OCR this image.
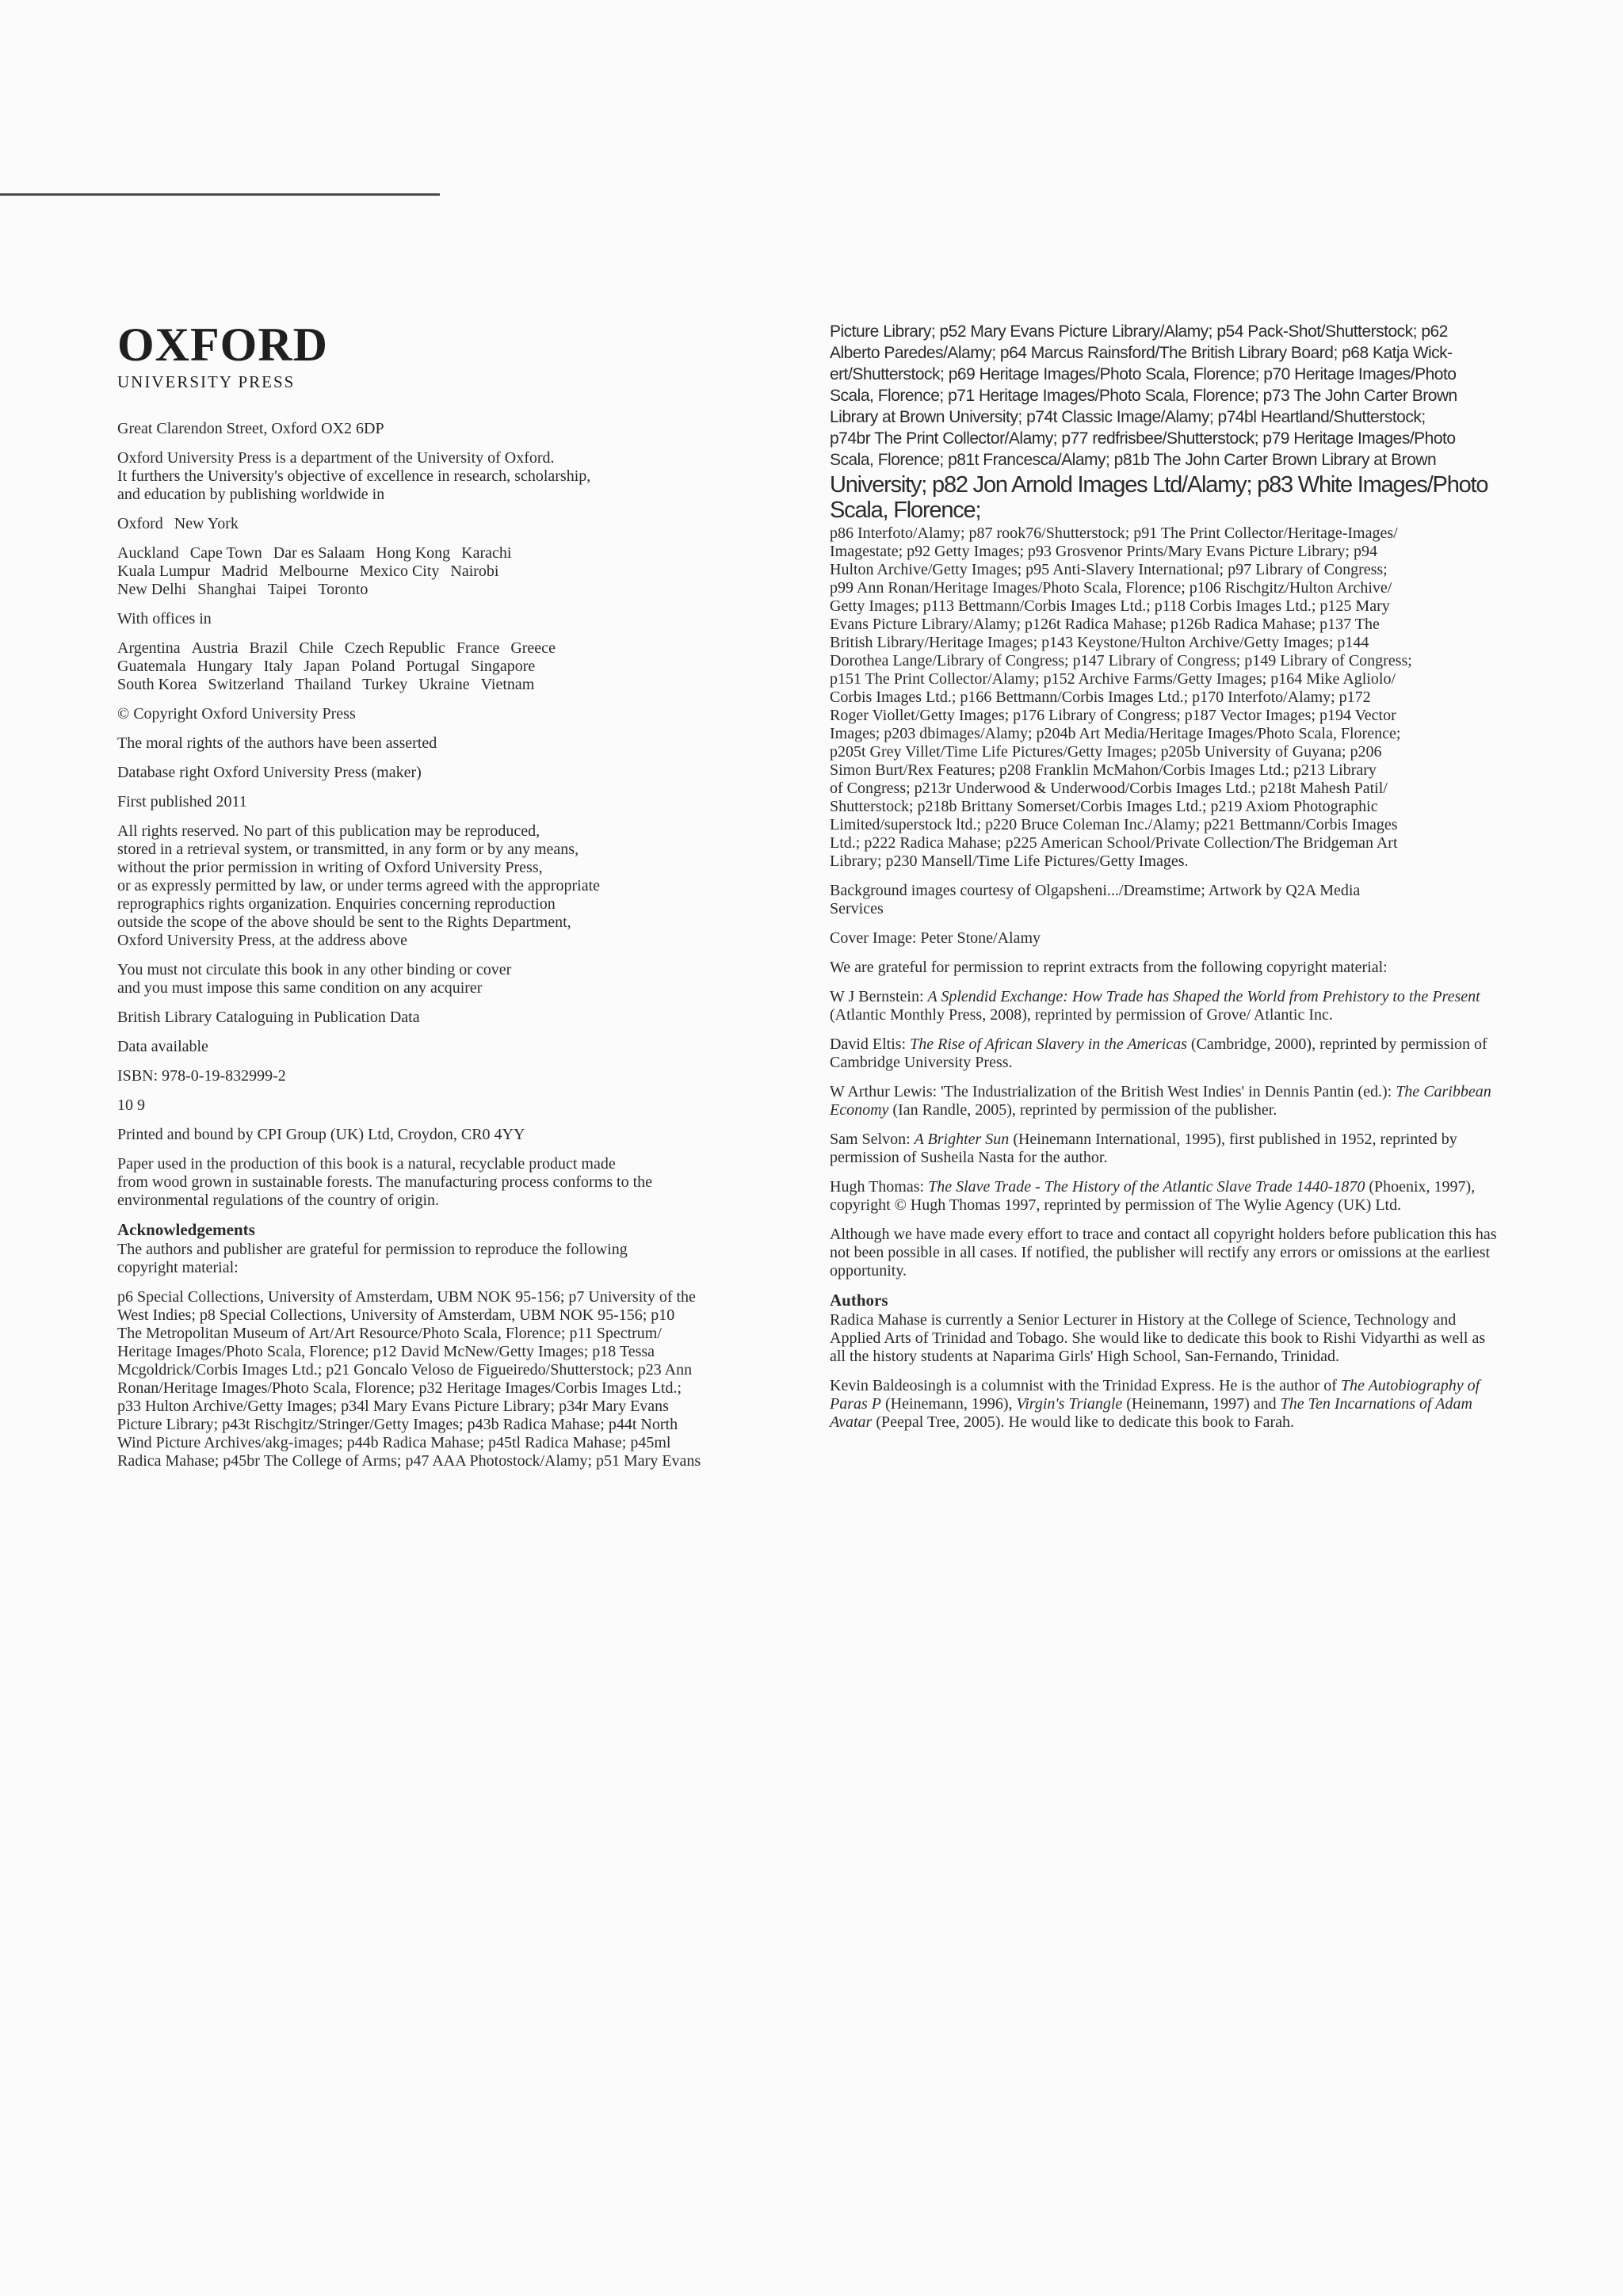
OXFORD
UNIVERSITY PRESS

Great Clarendon Street, Oxford OX2 6DP

Oxford University Press is a department of the University of Oxford.
It furthers the University's objective of excellence in research, scholarship,
and education by publishing worldwide in

Oxford New York

Auckland Cape Town Dar es Salaam Hong Kong Karachi
Kuala Lumpur Madrid Melbourne Mexico City Nairobi
New Delhi Shanghai Taipei Toronto

With offices in

Argentina Austria Brazil Chile Czech Republic France Greece
Guatemala Hungary Italy Japan Poland Portugal Singapore
South Korea Switzerland Thailand Turkey Ukraine Vietnam

© Copyright Oxford University Press

The moral rights of the authors have been asserted

Database right Oxford University Press (maker)

First published 2011

All rights reserved. No part of this publication may be reproduced,
stored in a retrieval system, or transmitted, in any form or by any means,
without the prior permission in writing of Oxford University Press,
or as expressly permitted by law, or under terms agreed with the appropriate
reprographics rights organization. Enquiries concerning reproduction
outside the scope of the above should be sent to the Rights Department,
Oxford University Press, at the address above

You must not circulate this book in any other binding or cover
and you must impose this same condition on any acquirer

British Library Cataloguing in Publication Data

Data available

ISBN: 978-0-19-832999-2

10 9

Printed and bound by CPI Group (UK) Ltd, Croydon, CR0 4YY

Paper used in the production of this book is a natural, recyclable product made
from wood grown in sustainable forests. The manufacturing process conforms to the
environmental regulations of the country of origin.

Acknowledgements

The authors and publisher are grateful for permission to reproduce the following
copyright material:

p6 Special Collections, University of Amsterdam, UBM NOK 95-156; p7 University of the
West Indies; p8 Special Collections, University of Amsterdam, UBM NOK 95-156; p10
The Metropolitan Museum of Art/Art Resource/Photo Scala, Florence; p11 Spectrum/
Heritage Images/Photo Scala, Florence; p12 David McNew/Getty Images; p18 Tessa
Mcgoldrick/Corbis Images Ltd.; p21 Goncalo Veloso de Figueiredo/Shutterstock; p23 Ann
Ronan/Heritage Images/Photo Scala, Florence; p32 Heritage Images/Corbis Images Ltd.;
p33 Hulton Archive/Getty Images; p34l Mary Evans Picture Library; p34r Mary Evans
Picture Library; p43t Rischgitz/Stringer/Getty Images; p43b Radica Mahase; p44t North
Wind Picture Archives/akg-images; p44b Radica Mahase; p45tl Radica Mahase; p45ml
Radica Mahase; p45br The College of Arms; p47 AAA Photostock/Alamy; p51 Mary Evans

Picture Library; p52 Mary Evans Picture Library/Alamy; p54 Pack-Shot/Shutterstock; p62
Alberto Paredes/Alamy; p64 Marcus Rainsford/The British Library Board; p68 Katja Wick-
ert/Shutterstock; p69 Heritage Images/Photo Scala, Florence; p70 Heritage Images/Photo
Scala, Florence; p71 Heritage Images/Photo Scala, Florence; p73 The John Carter Brown
Library at Brown University; p74t Classic Image/Alamy; p74bl Heartland/Shutterstock;
p74br The Print Collector/Alamy; p77 redfrisbee/Shutterstock; p79 Heritage Images/Photo
Scala, Florence; p81t Francesca/Alamy; p81b The John Carter Brown Library at Brown

University; p82 Jon Arnold Images Ltd/Alamy; p83 White Images/Photo Scala, Florence;

p86 Interfoto/Alamy; p87 rook76/Shutterstock; p91 The Print Collector/Heritage-Images/
Imagestate; p92 Getty Images; p93 Grosvenor Prints/Mary Evans Picture Library; p94
Hulton Archive/Getty Images; p95 Anti-Slavery International; p97 Library of Congress;
p99 Ann Ronan/Heritage Images/Photo Scala, Florence; p106 Rischgitz/Hulton Archive/
Getty Images; p113 Bettmann/Corbis Images Ltd.; p118 Corbis Images Ltd.; p125 Mary
Evans Picture Library/Alamy; p126t Radica Mahase; p126b Radica Mahase; p137 The
British Library/Heritage Images; p143 Keystone/Hulton Archive/Getty Images; p144
Dorothea Lange/Library of Congress; p147 Library of Congress; p149 Library of Congress;
p151 The Print Collector/Alamy; p152 Archive Farms/Getty Images; p164 Mike Agliolo/
Corbis Images Ltd.; p166 Bettmann/Corbis Images Ltd.; p170 Interfoto/Alamy; p172
Roger Viollet/Getty Images; p176 Library of Congress; p187 Vector Images; p194 Vector
Images; p203 dbimages/Alamy; p204b Art Media/Heritage Images/Photo Scala, Florence;
p205t Grey Villet/Time Life Pictures/Getty Images; p205b University of Guyana; p206
Simon Burt/Rex Features; p208 Franklin McMahon/Corbis Images Ltd.; p213 Library
of Congress; p213r Underwood & Underwood/Corbis Images Ltd.; p218t Mahesh Patil/
Shutterstock; p218b Brittany Somerset/Corbis Images Ltd.; p219 Axiom Photographic
Limited/superstock ltd.; p220 Bruce Coleman Inc./Alamy; p221 Bettmann/Corbis Images
Ltd.; p222 Radica Mahase; p225 American School/Private Collection/The Bridgeman Art
Library; p230 Mansell/Time Life Pictures/Getty Images.

Background images courtesy of Olgapsheni.../Dreamstime; Artwork by Q2A Media
Services

Cover Image: Peter Stone/Alamy

We are grateful for permission to reprint extracts from the following copyright material:

W J Bernstein: A Splendid Exchange: How Trade has Shaped the World from Prehistory to the Present (Atlantic Monthly Press, 2008), reprinted by permission of Grove/ Atlantic Inc.

David Eltis: The Rise of African Slavery in the Americas (Cambridge, 2000), reprinted by permission of Cambridge University Press.

W Arthur Lewis: 'The Industrialization of the British West Indies' in Dennis Pantin (ed.): The Caribbean Economy (Ian Randle, 2005), reprinted by permission of the publisher.

Sam Selvon: A Brighter Sun (Heinemann International, 1995), first published in 1952, reprinted by permission of Susheila Nasta for the author.

Hugh Thomas: The Slave Trade - The History of the Atlantic Slave Trade 1440-1870 (Phoenix, 1997), copyright © Hugh Thomas 1997, reprinted by permission of The Wylie Agency (UK) Ltd.

Although we have made every effort to trace and contact all copyright holders before publication this has not been possible in all cases. If notified, the publisher will rectify any errors or omissions at the earliest opportunity.

Authors

Radica Mahase is currently a Senior Lecturer in History at the College of Science, Technology and Applied Arts of Trinidad and Tobago. She would like to dedicate this book to Rishi Vidyarthi as well as all the history students at Naparima Girls' High School, San-Fernando, Trinidad.

Kevin Baldeosingh is a columnist with the Trinidad Express. He is the author of The Autobiography of Paras P (Heinemann, 1996), Virgin's Triangle (Heinemann, 1997) and The Ten Incarnations of Adam Avatar (Peepal Tree, 2005). He would like to dedicate this book to Farah.
